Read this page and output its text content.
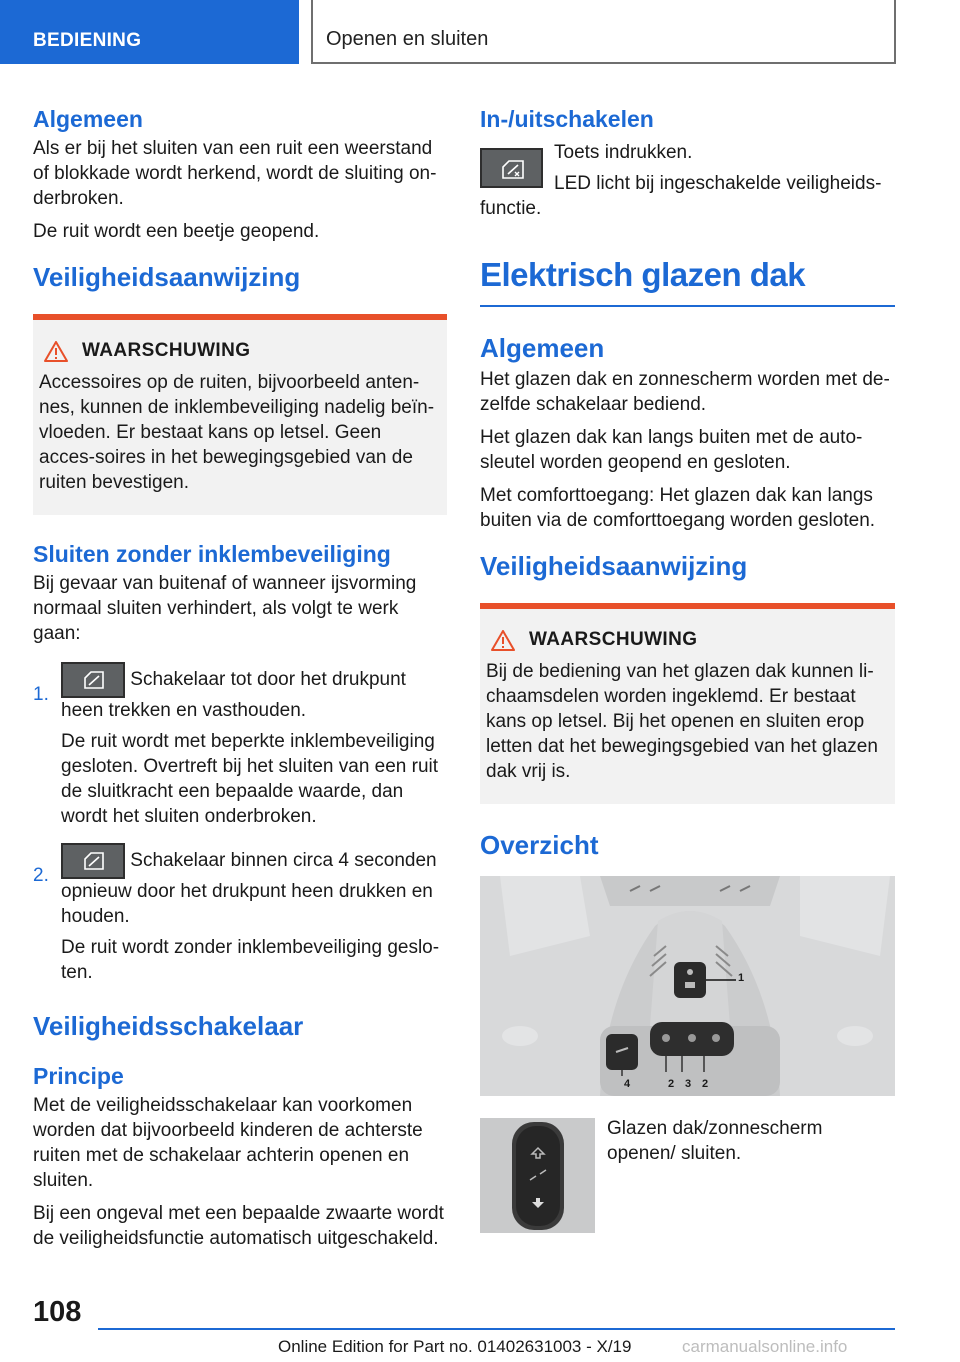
BEDIENING	Openen en sluiten
Algemeen

Als er bij het sluiten van een ruit een weerstand of blokkade wordt herkend, wordt de sluiting on-derbroken.

De ruit wordt een beetje geopend.

Veiligheidsaanwijzing
WAARSCHUWING

Accessoires op de ruiten, bijvoorbeeld anten-nes, kunnen de inklembeveiliging nadelig beïn-vloeden. Er bestaat kans op letsel. Geen acces-soires in het bewegingsgebied van de ruiten bevestigen.

Sluiten zonder inklembeveiliging

Bij gevaar van buitenaf of wanneer ijsvorming normaal sluiten verhindert, als volgt te werk gaan:

1.

Schakelaar tot door het drukpunt heen trekken en vasthouden.

De ruit wordt met beperkte inklembeveiliging gesloten. Overtreft bij het sluiten van een ruit de sluitkracht een bepaalde waarde, dan wordt het sluiten onderbroken.

2.

Schakelaar binnen circa 4 seconden opnieuw door het drukpunt heen drukken en houden.

De ruit wordt zonder inklembeveiliging geslo-ten.

Veiligheidsschakelaar
Principe

Met de veiligheidsschakelaar kan voorkomen worden dat bijvoorbeeld kinderen de achterste ruiten met de schakelaar achterin openen en sluiten.

Bij een ongeval met een bepaalde zwaarte wordt de veiligheidsfunctie automatisch uitgeschakeld.

In-/uitschakelen

Toets indrukken.

LED licht bij ingeschakelde veiligheids-functie.

Elektrisch glazen dak
Algemeen

Het glazen dak en zonnescherm worden met de-zelfde schakelaar bediend.

Het glazen dak kan langs buiten met de auto-sleutel worden geopend en gesloten.

Met comforttoegang: Het glazen dak kan langs buiten via de comforttoegang worden gesloten.

Veiligheidsaanwijzing
WAARSCHUWING

Bij de bediening van het glazen dak kunnen li-chaamsdelen worden ingeklemd. Er bestaat kans op letsel. Bij het openen en sluiten erop letten dat het bewegingsgebied van het glazen dak vrij is.

Overzicht
1
4	2 3 2

Glazen dak/zonnescherm openen/ sluiten.

108
Online Edition for Part no. 01402631003 - X/19	carmanualsonline.info
